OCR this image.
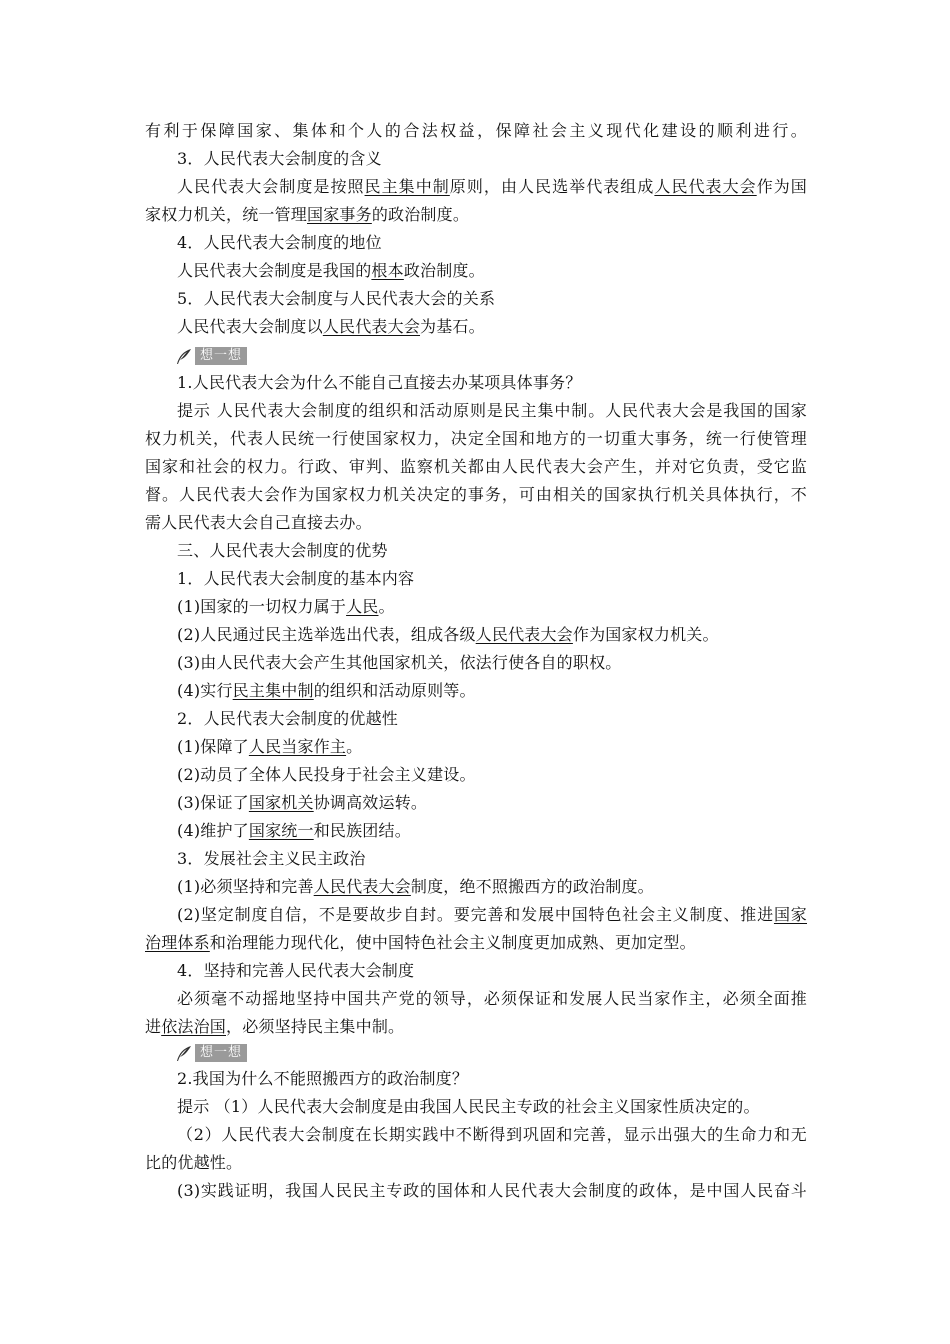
有利于保障国家、集体和个人的合法权益，保障社会主义现代化建设的顺利进行。
3．人民代表大会制度的含义
人民代表大会制度是按照民主集中制原则，由人民选举代表组成人民代表大会作为国
家权力机关，统一管理国家事务的政治制度。
4．人民代表大会制度的地位
人民代表大会制度是我国的根本政治制度。
5．人民代表大会制度与人民代表大会的关系
人民代表大会制度以人民代表大会为基石。
想一想
1.人民代表大会为什么不能自己直接去办某项具体事务？
提示 人民代表大会制度的组织和活动原则是民主集中制。人民代表大会是我国的国家
权力机关，代表人民统一行使国家权力，决定全国和地方的一切重大事务，统一行使管理
国家和社会的权力。行政、审判、监察机关都由人民代表大会产生，并对它负责，受它监
督。人民代表大会作为国家权力机关决定的事务，可由相关的国家执行机关具体执行，不
需人民代表大会自己直接去办。
三、人民代表大会制度的优势
1．人民代表大会制度的基本内容
(1)国家的一切权力属于人民。
(2)人民通过民主选举选出代表，组成各级人民代表大会作为国家权力机关。
(3)由人民代表大会产生其他国家机关，依法行使各自的职权。
(4)实行民主集中制的组织和活动原则等。
2．人民代表大会制度的优越性
(1)保障了人民当家作主。
(2)动员了全体人民投身于社会主义建设。
(3)保证了国家机关协调高效运转。
(4)维护了国家统一和民族团结。
3．发展社会主义民主政治
(1)必须坚持和完善人民代表大会制度，绝不照搬西方的政治制度。
(2)坚定制度自信，不是要故步自封。要完善和发展中国特色社会主义制度、推进国家
治理体系和治理能力现代化，使中国特色社会主义制度更加成熟、更加定型。
4．坚持和完善人民代表大会制度
必须毫不动摇地坚持中国共产党的领导，必须保证和发展人民当家作主，必须全面推
进依法治国，必须坚持民主集中制。
想一想
2.我国为什么不能照搬西方的政治制度？
提示 （1）人民代表大会制度是由我国人民民主专政的社会主义国家性质决定的。
（2）人民代表大会制度在长期实践中不断得到巩固和完善，显示出强大的生命力和无
比的优越性。
(3)实践证明，我国人民民主专政的国体和人民代表大会制度的政体，是中国人民奋斗
